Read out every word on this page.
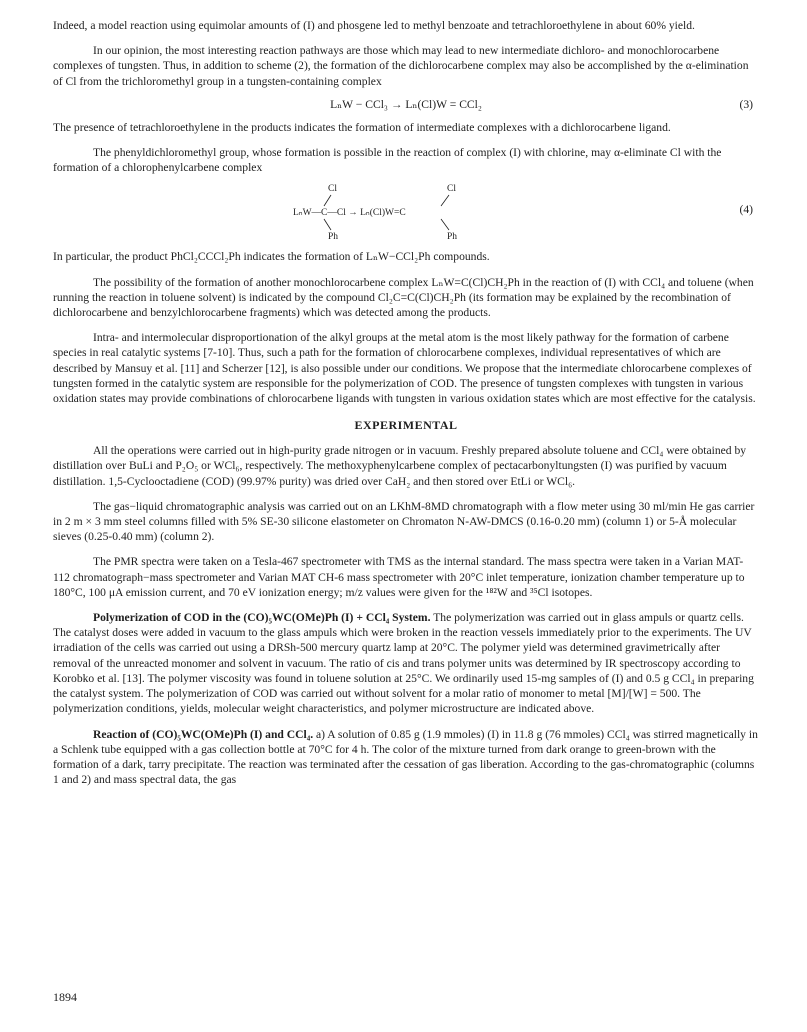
Indeed, a model reaction using equimolar amounts of (I) and phosgene led to methyl benzoate and tetrachloroethylene in about 60% yield.

In our opinion, the most interesting reaction pathways are those which may lead to new intermediate dichloro- and monochlorocarbene complexes of tungsten. Thus, in addition to scheme (2), the formation of the dichlorocarbene complex may also be accomplished by the α-elimination of Cl from the trichloromethyl group in a tungsten-containing complex

LₙW − CCl₃ → Lₙ(Cl)W = CCl₂	(3)

The presence of tetrachloroethylene in the products indicates the formation of intermediate complexes with a dichlorocarbene ligand.

The phenyldichloromethyl group, whose formation is possible in the reaction of complex (I) with chlorine, may α-eliminate Cl with the formation of a chlorophenylcarbene complex

Cl	Cl
LₙW—C—Cl → Lₙ(Cl)W=C
Ph	Ph
(4)

In particular, the product PhCl₂CCCl₂Ph indicates the formation of LₙW−CCl₂Ph compounds.

The possibility of the formation of another monochlorocarbene complex LₙW=C(Cl)CH₂Ph in the reaction of (I) with CCl₄ and toluene (when running the reaction in toluene solvent) is indicated by the compound Cl₂C=C(Cl)CH₂Ph (its formation may be explained by the recombination of dichlorocarbene and benzylchlorocarbene fragments) which was detected among the products.

Intra- and intermolecular disproportionation of the alkyl groups at the metal atom is the most likely pathway for the formation of carbene species in real catalytic systems [7-10]. Thus, such a path for the formation of chlorocarbene complexes, individual representatives of which are described by Mansuy et al. [11] and Scherzer [12], is also possible under our conditions. We propose that the intermediate chlorocarbene complexes of tungsten formed in the catalytic system are responsible for the polymerization of COD. The presence of tungsten complexes with tungsten in various oxidation states may provide combinations of chlorocarbene ligands with tungsten in various oxidation states which are most effective for the catalysis.

EXPERIMENTAL

All the operations were carried out in high-purity grade nitrogen or in vacuum. Freshly prepared absolute toluene and CCl₄ were obtained by distillation over BuLi and P₂O₅ or WCl₆, respectively. The methoxyphenylcarbene complex of pectacarbonyltungsten (I) was purified by vacuum distillation. 1,5-Cyclooctadiene (COD) (99.97% purity) was dried over CaH₂ and then stored over EtLi or WCl₆.

The gas−liquid chromatographic analysis was carried out on an LKhM-8MD chromatograph with a flow meter using 30 ml/min He gas carrier in 2 m × 3 mm steel columns filled with 5% SE-30 silicone elastometer on Chromaton N-AW-DMCS (0.16-0.20 mm) (column 1) or 5-Å molecular sieves (0.25-0.40 mm) (column 2).

The PMR spectra were taken on a Tesla-467 spectrometer with TMS as the internal standard. The mass spectra were taken in a Varian MAT-112 chromatograph−mass spectrometer and Varian MAT CH-6 mass spectrometer with 20°C inlet temperature, ionization chamber temperature up to 180°C, 100 μA emission current, and 70 eV ionization energy; m/z values were given for the ¹⁸²W and ³⁵Cl isotopes.

Polymerization of COD in the (CO)₅WC(OMe)Ph (I) + CCl₄ System. The polymerization was carried out in glass ampuls or quartz cells. The catalyst doses were added in vacuum to the glass ampuls which were broken in the reaction vessels immediately prior to the experiments. The UV irradiation of the cells was carried out using a DRSh-500 mercury quartz lamp at 20°C. The polymer yield was determined gravimetrically after removal of the unreacted monomer and solvent in vacuum. The ratio of cis and trans polymer units was determined by IR spectroscopy according to Korobko et al. [13]. The polymer viscosity was found in toluene solution at 25°C. We ordinarily used 15-mg samples of (I) and 0.5 g CCl₄ in preparing the catalyst system. The polymerization of COD was carried out without solvent for a molar ratio of monomer to metal [M]/[W] = 500. The polymerization conditions, yields, molecular weight characteristics, and polymer microstructure are indicated above.

Reaction of (CO)₅WC(OMe)Ph (I) and CCl₄. a) A solution of 0.85 g (1.9 mmoles) (I) in 11.8 g (76 mmoles) CCl₄ was stirred magnetically in a Schlenk tube equipped with a gas collection bottle at 70°C for 4 h. The color of the mixture turned from dark orange to green-brown with the formation of a dark, tarry precipitate. The reaction was terminated after the cessation of gas liberation. According to the gas-chromatographic (columns 1 and 2) and mass spectral data, the gas

1894
